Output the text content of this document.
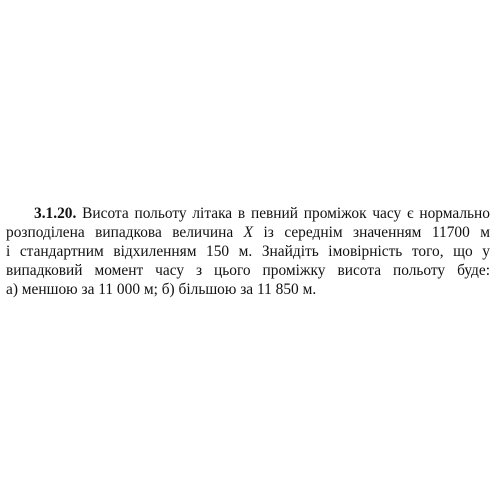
3.1.20. Висота польоту літака в певний проміжок часу є нормально
розподілена випадкова величина X із середнім значенням 11700 м
і стандартним відхиленням 150 м. Знайдіть імовірність того, що у
випадковий момент часу з цього проміжку висота польоту буде:
а) меншою за 11 000 м; б) більшою за 11 850 м.
